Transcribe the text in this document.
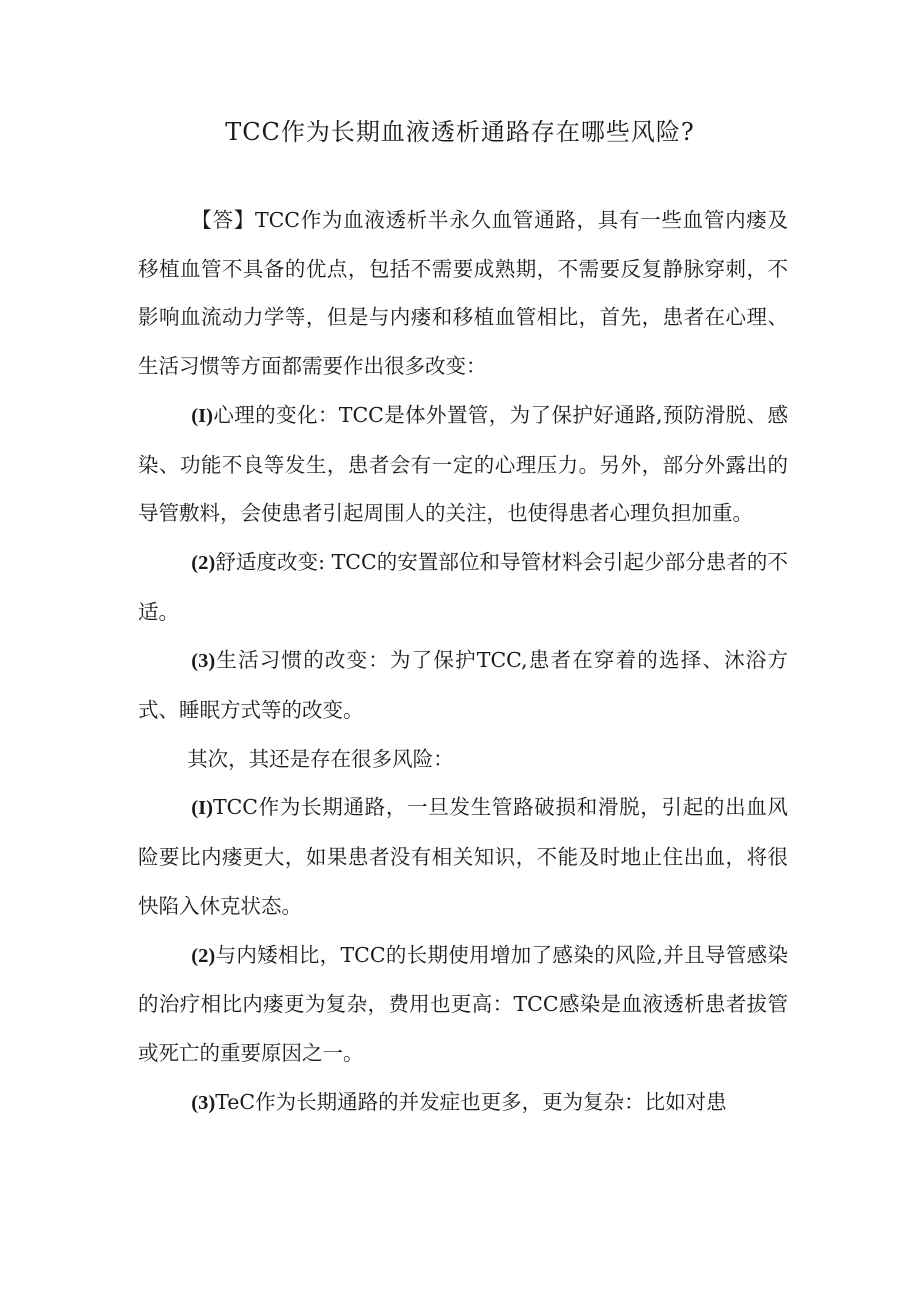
TCC作为长期血液透析通路存在哪些风险?

【答】TCC作为血液透析半永久血管通路，具有一些血管内瘘及移植血管不具备的优点，包括不需要成熟期，不需要反复静脉穿刺，不影响血流动力学等，但是与内瘘和移植血管相比，首先，患者在心理、生活习惯等方面都需要作出很多改变：

(I)心理的变化：TCC是体外置管，为了保护好通路,预防滑脱、感染、功能不良等发生，患者会有一定的心理压力。另外，部分外露出的导管敷料，会使患者引起周围人的关注，也使得患者心理负担加重。

(2)舒适度改变: TCC的安置部位和导管材料会引起少部分患者的不适。

(3)生活习惯的改变：为了保护TCC,患者在穿着的选择、沐浴方式、睡眠方式等的改变。

其次，其还是存在很多风险：

(I)TCC作为长期通路，一旦发生管路破损和滑脱，引起的出血风险要比内瘘更大，如果患者没有相关知识，不能及时地止住出血，将很快陷入休克状态。

(2)与内矮相比，TCC的长期使用增加了感染的风险,并且导管感染的治疗相比内瘘更为复杂，费用也更高：TCC感染是血液透析患者拔管或死亡的重要原因之一。

(3)TeC作为长期通路的并发症也更多，更为复杂：比如对患
